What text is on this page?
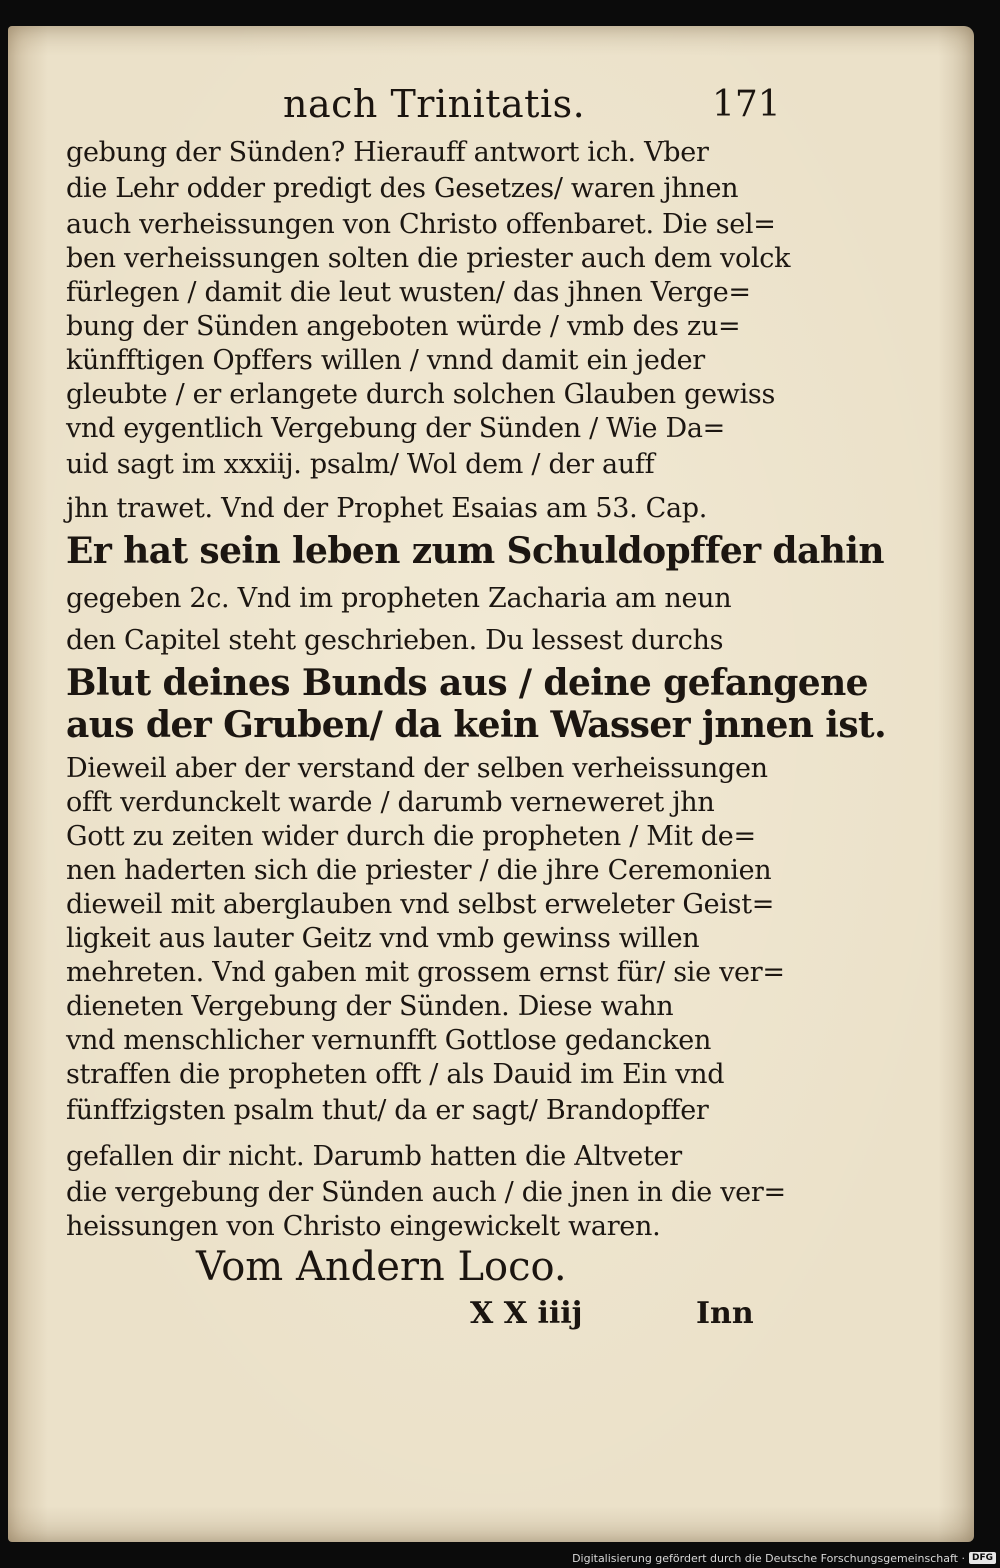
nach Trinitatis.	171
gebung der Sünden? Hierauff antwort ich. Vber
die Lehr odder predigt des Gesetzes/ waren jhnen
auch verheissungen von Christo offenbaret. Die sel=
ben verheissungen solten die priester auch dem volck
fürlegen / damit die leut wusten/ das jhnen Verge=
bung der Sünden angeboten würde / vmb des zu=
künfftigen Opffers willen / vnnd damit ein jeder
gleubte / er erlangete durch solchen Glauben gewiss
vnd eygentlich Vergebung der Sünden / Wie Da=
uid sagt im xxxiij. psalm/ Wol dem / der auff
jhn trawet. Vnd der Prophet Esaias am 53. Cap.
Er hat sein leben zum Schuldopffer dahin
gegeben 2c. Vnd im propheten Zacharia am neun
den Capitel steht geschrieben. Du lessest durchs
Blut deines Bunds aus / deine gefangene
aus der Gruben/ da kein Wasser jnnen ist.
Dieweil aber der verstand der selben verheissungen
offt verdunckelt warde / darumb verneweret jhn
Gott zu zeiten wider durch die propheten / Mit de=
nen haderten sich die priester / die jhre Ceremonien
dieweil mit aberglauben vnd selbst erweleter Geist=
ligkeit aus lauter Geitz vnd vmb gewinss willen
mehreten. Vnd gaben mit grossem ernst für/ sie ver=
dieneten Vergebung der Sünden. Diese wahn
vnd menschlicher vernunfft Gottlose gedancken
straffen die propheten offt / als Dauid im Ein vnd
fünffzigsten psalm thut/ da er sagt/ Brandopffer
gefallen dir nicht. Darumb hatten die Altveter
die vergebung der Sünden auch / die jnen in die ver=
heissungen von Christo eingewickelt waren.
Vom Andern Loco.
X X iiij	Inn
Digitalisierung gefördert durch die Deutsche Forschungsgemeinschaft · DFG
